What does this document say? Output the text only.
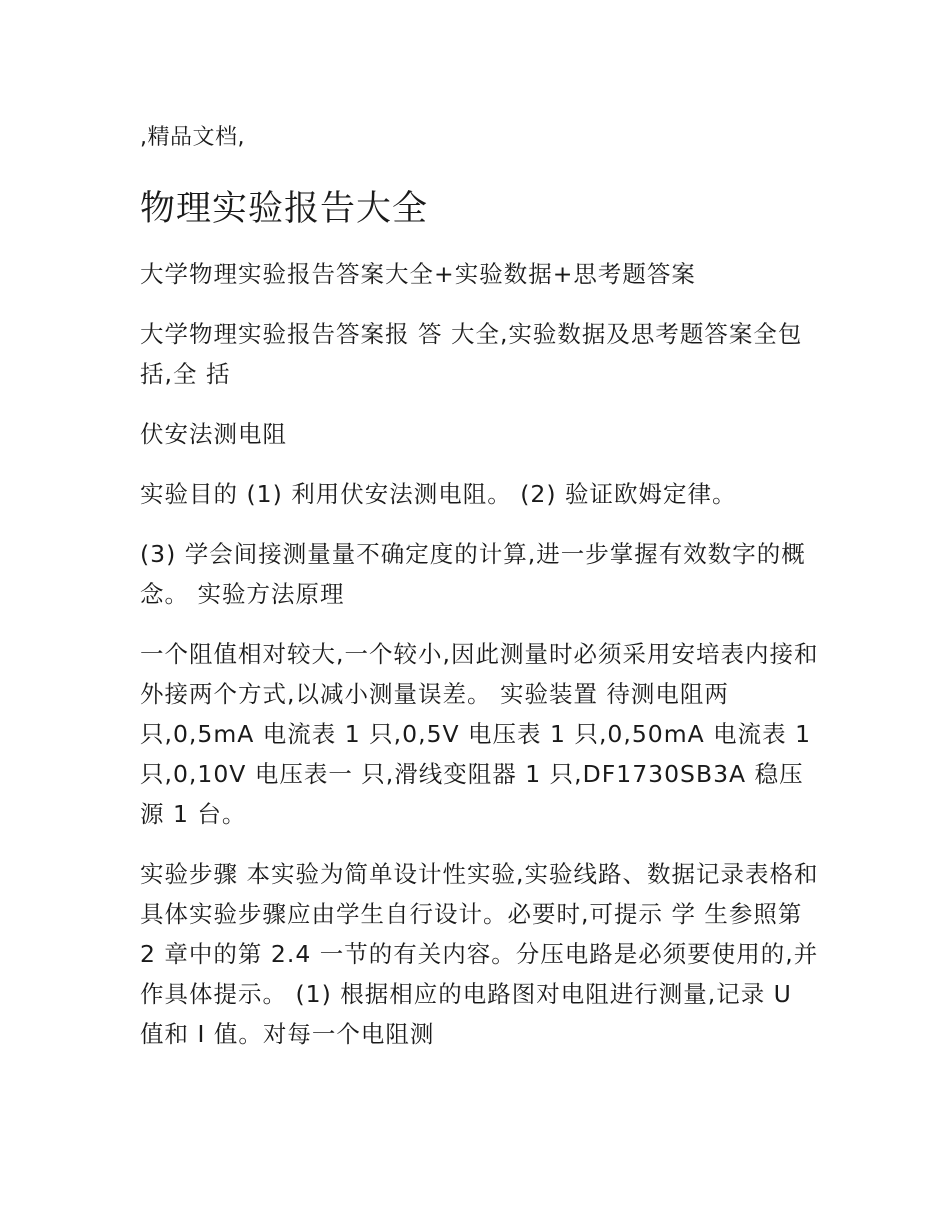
,精品文档,

物理实验报告大全

大学物理实验报告答案大全+实验数据+思考题答案

大学物理实验报告答案报 答 大全,实验数据及思考题答案全包括,全 括

伏安法测电阻

实验目的 (1) 利用伏安法测电阻。 (2) 验证欧姆定律。

(3) 学会间接测量量不确定度的计算,进一步掌握有效数字的概念。 实验方法原理

一个阻值相对较大,一个较小,因此测量时必须采用安培表内接和外接两个方式,以减小测量误差。 实验装置 待测电阻两只,0,5mA 电流表 1 只,0,5V 电压表 1 只,0,50mA 电流表 1 只,0,10V 电压表一 只,滑线变阻器 1 只,DF1730SB3A 稳压源 1 台。

实验步骤 本实验为简单设计性实验,实验线路、数据记录表格和具体实验步骤应由学生自行设计。必要时,可提示 学 生参照第 2 章中的第 2.4 一节的有关内容。分压电路是必须要使用的,并作具体提示。 (1) 根据相应的电路图对电阻进行测量,记录 U 值和 I 值。对每一个电阻测
